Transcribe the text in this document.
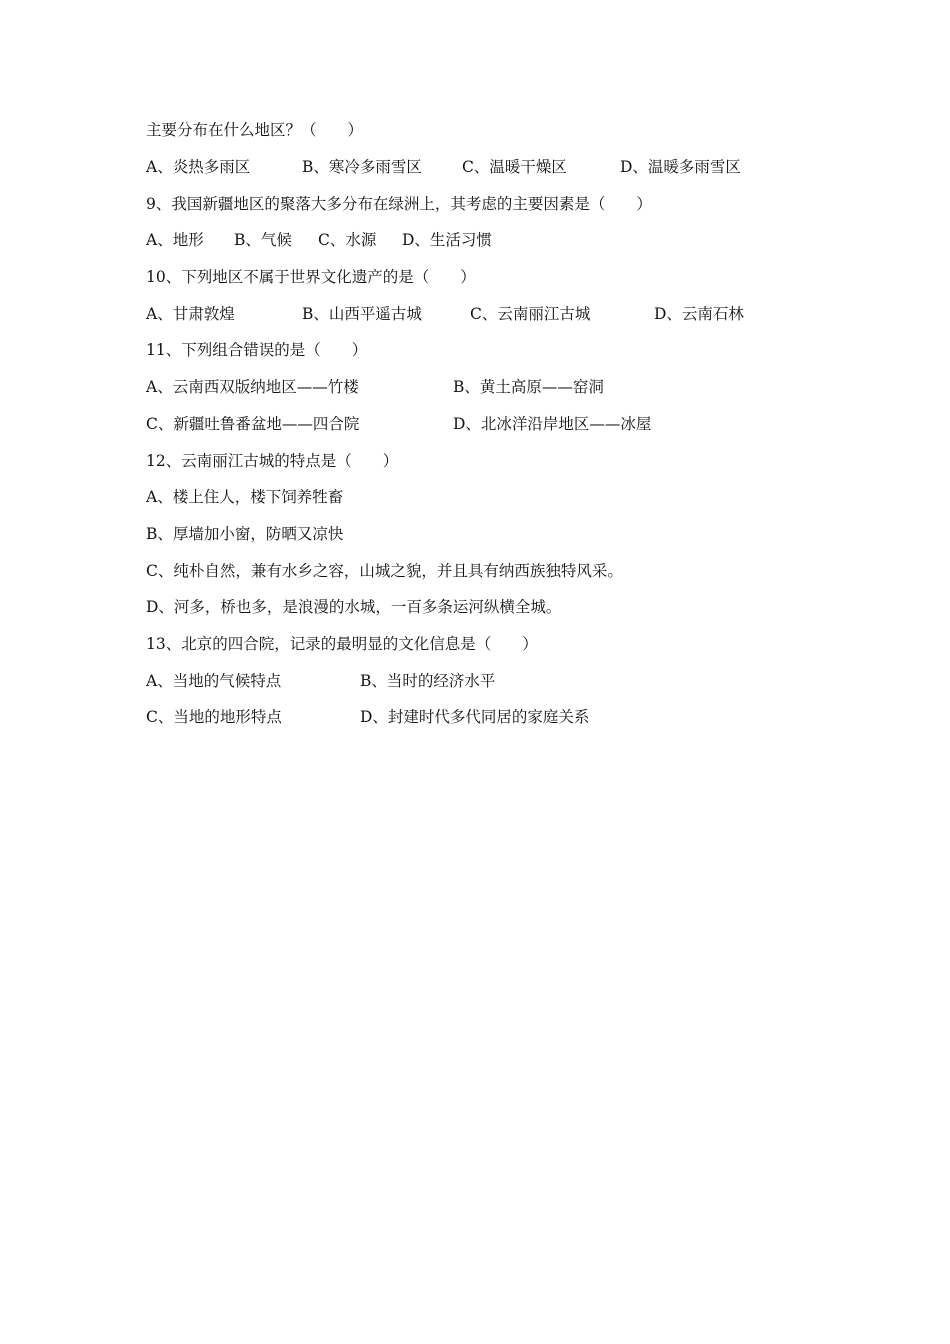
主要分布在什么地区？（　　）

A、炎热多雨区

	B、寒冷多雨雪区

	C、温暖干燥区

	D、温暖多雨雪区

9、我国新疆地区的聚落大多分布在绿洲上，其考虑的主要因素是（　　）

A、地形

B、气候

C、水源

D、生活习惯

10、下列地区不属于世界文化遗产的是（　　）

A、甘肃敦煌

	B、山西平遥古城

	C、云南丽江古城

	D、云南石林

11、下列组合错误的是（　　）

A、云南西双版纳地区——竹楼

	B、黄土高原——窑洞

C、新疆吐鲁番盆地——四合院

	D、北冰洋沿岸地区——冰屋

12、云南丽江古城的特点是（　　）
A、楼上住人，楼下饲养牲畜
B、厚墙加小窗，防晒又凉快
C、纯朴自然，兼有水乡之容，山城之貌，并且具有纳西族独特风采。
D、河多，桥也多，是浪漫的水城，一百多条运河纵横全城。
13、北京的四合院，记录的最明显的文化信息是（　　）

A、当地的气候特点

	B、当时的经济水平

C、当地的地形特点

	D、封建时代多代同居的家庭关系
